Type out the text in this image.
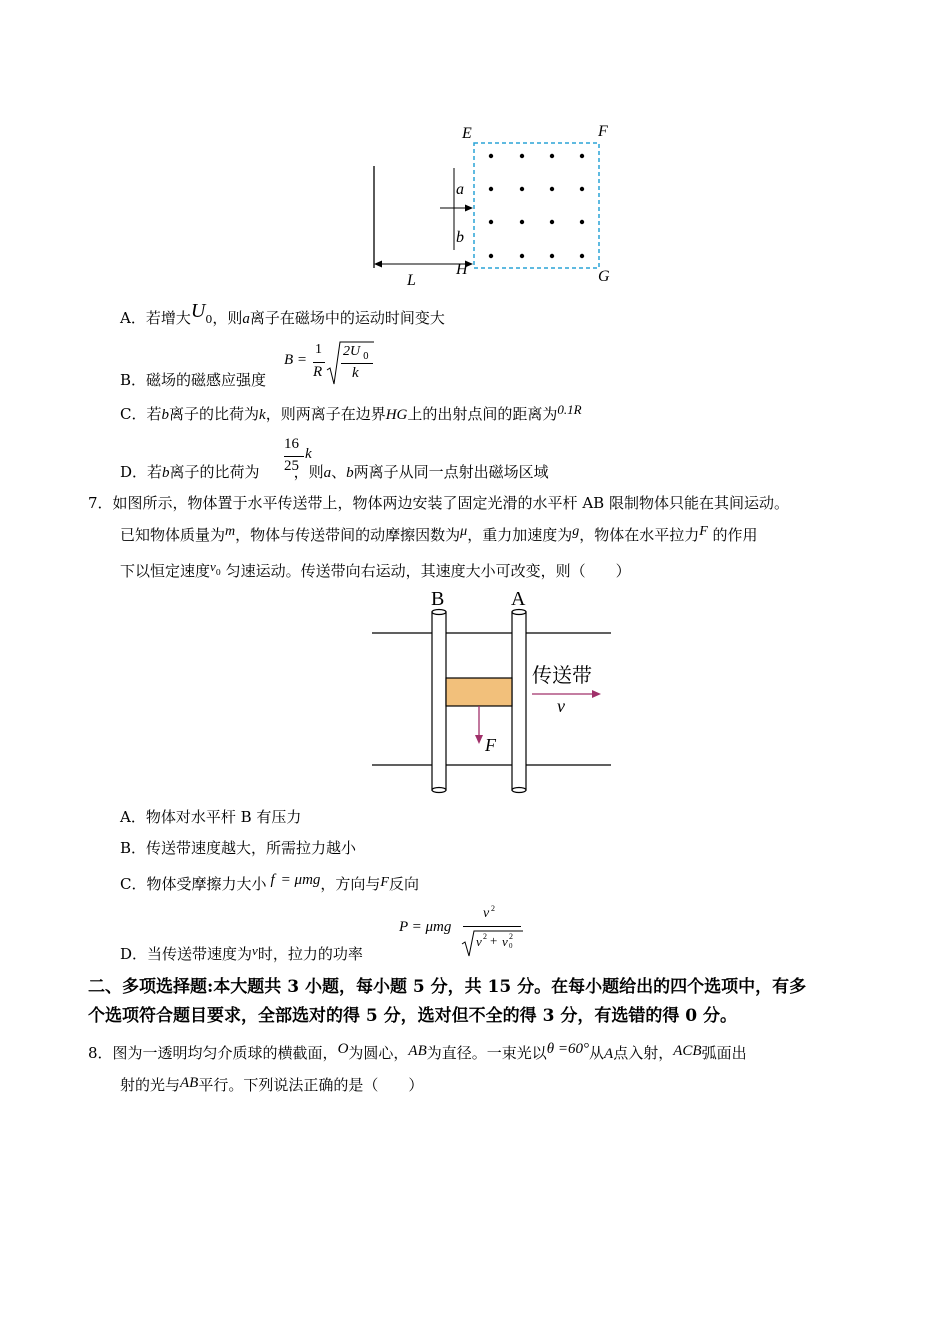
E	F
a
b
H	G
L
A．若增大$U_0$，则a离子在磁场中的运动时间变大
B．磁场的磁感应强度
B =
1
R
2U 0
k
C．若b离子的比荷为k，则两离子在边界HG上的出射点间的距离为0.1R
D．若b离子的比荷为 ，则a、b两离子从同一点射出磁场区域
16
25
k
7．如图所示，物体置于水平传送带上，物体两边安装了固定光滑的水平杆 AB 限制物体只能在其间运动。
已知物体质量为m，物体与传送带间的动摩擦因数为μ，重力加速度为g，物体在水平拉力F 的作用
下以恒定速度$v_0$ 匀速运动。传送带向右运动，其速度大小可改变，则（　　）
B	A
传送带
v
F
A．物体对水平杆 B 有压力
B．传送带速度越大，所需拉力越小
C．物体受摩擦力大小 f = μmg，方向与F反向
D．当传送带速度为v时，拉力的功率
P = μmg
v 2
v 2 + v 0
2
二、多项选择题:本大题共 3 小题，每小题 5 分，共 15 分。在每小题给出的四个选项中，有多
个选项符合题目要求，全部选对的得 5 分，选对但不全的得 3 分，有选错的得 0 分。
8．图为一透明均匀介质球的横截面，O为圆心，AB为直径。一束光以θ =60°从A点入射，ACB弧面出
射的光与AB平行。下列说法正确的是（　　）
